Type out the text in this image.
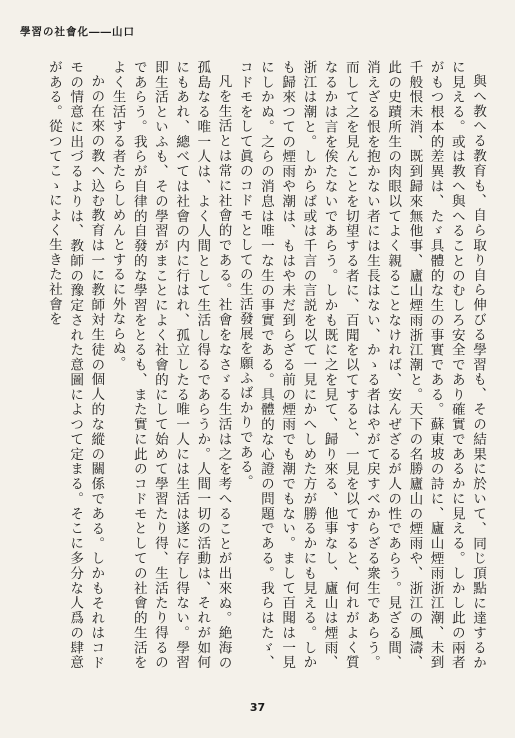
學習の社會化――山口

與へ教へる教育も、自ら取り自ら伸びる學習も、その結果に於いて、同じ頂點に達するかに見える。或は教へ與へることのむしろ安全であり確實であるかに見える。しかし此の兩者がもつ根本的差異は、たゞ具體的な生の事實である。蘇東坡の詩に、廬山煙雨浙江潮、未到千般恨未消、既到歸來無他事、廬山煙雨浙江潮と。天下の名勝廬山の煙雨や、浙江の風濤、此の史蹟所生の肉眼以てよく親ることなければ、安んぜざるが人の性であらう。見ざる間、消えざる恨を抱かない者には生長はない、かゝる者はやがて戻すべからざる衆生であらう。而して之を見んことを切望する者に、百聞を以てすると、一見を以てすると、何れがよく質なるかは言を俟たないであらう。しかも既に之を見て、歸り來る、他事なし、廬山は煙雨、浙江は潮と。しからば或は千言の言説を以て一見にかへしめた方が勝るかにも見える。しかも歸來つての煙雨や潮は、もはや未だ到らざる前の煙雨でも潮でもない。まして百聞は一見にしかぬ。之らの消息は唯一な生の事實である。具體的な心證の問題である。我らはたゞ、コドモをして眞のコドモとしての生活發展を願ふばかりである。

凡を生活とは常に社會的である。社會をなさゞる生活は之を考へることが出來ぬ。絶海の孤島なる唯一人は、よく人間として生活し得るであらうか。人間一切の活動は、それが如何にもあれ、總べては社會の内に行はれ、孤立したる唯一人には生活は遂に存し得ない。學習即生活といふも、その學習がまことによく社會的にして始めて學習たり得、生活たり得るのであらう。我らが自律的自發的な學習をとるも、また實に此のコドモとしての社會的生活をよく生活する者たらしめんとするに外ならぬ。

かの在來の教へ込む教育は一に教師対生徒の個人的な縱の關係である。しかもそれはコドモの情意に出づるよりは、教師の豫定された意圖によつて定まる。そこに多分な人爲の肆意がある。從つてこゝによく生きた社會を

37
